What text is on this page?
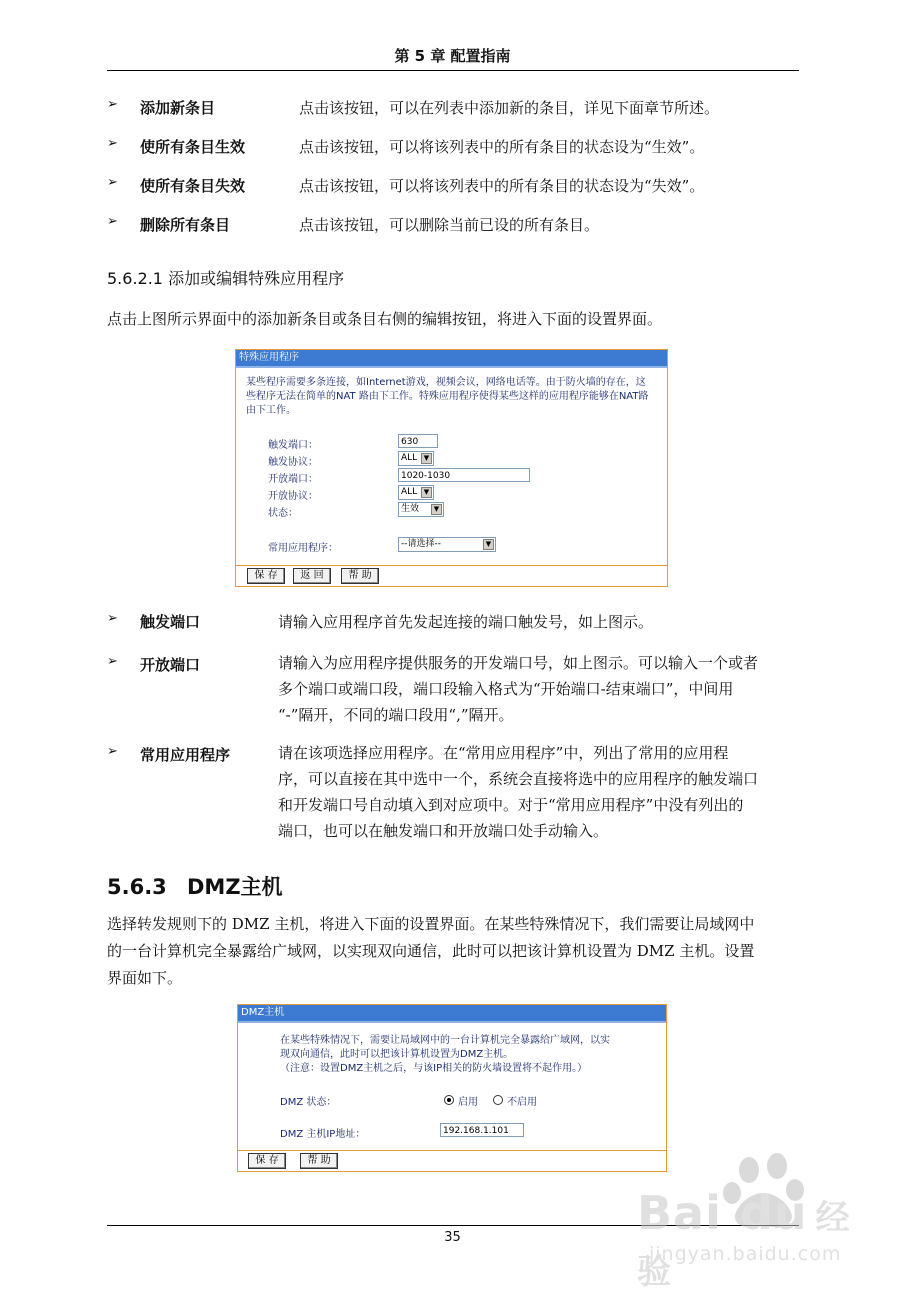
第 5 章 配置指南
➢ 添加新条目	点击该按钮，可以在列表中添加新的条目，详见下面章节所述。
➢ 使所有条目生效	点击该按钮，可以将该列表中的所有条目的状态设为“生效”。
➢ 使所有条目失效	点击该按钮，可以将该列表中的所有条目的状态设为“失效”。
➢ 删除所有条目	点击该按钮，可以删除当前已设的所有条目。
5.6.2.1 添加或编辑特殊应用程序
点击上图所示界面中的添加新条目或条目右侧的编辑按钮，将进入下面的设置界面。
特殊应用程序
某些程序需要多条连接，如Internet游戏，视频会议，网络电话等。由于防火墙的存在，这
些程序无法在简单的NAT 路由下工作。特殊应用程序使得某些这样的应用程序能够在NAT路
由下工作。
触发端口：	630
触发协议：	ALL ▼
开放端口：	1020-1030
开放协议：	ALL ▼
状态：	生效	▼
常用应用程序：	--请选择--	▼
保 存	返 回	帮 助
➢ 触发端口	请输入应用程序首先发起连接的端口触发号，如上图示。
➢ 开放端口	请输入为应用程序提供服务的开发端口号，如上图示。可以输入一个或者
多个端口或端口段，端口段输入格式为“开始端口-结束端口”，中间用
“-”隔开，不同的端口段用“,”隔开。
➢ 常用应用程序	请在该项选择应用程序。在“常用应用程序”中，列出了常用的应用程
序，可以直接在其中选中一个，系统会直接将选中的应用程序的触发端口
和开发端口号自动填入到对应项中。对于“常用应用程序”中没有列出的
端口，也可以在触发端口和开放端口处手动输入。
5.6.3 DMZ主机
选择转发规则下的 DMZ 主机，将进入下面的设置界面。在某些特殊情况下，我们需要让局域网中
的一台计算机完全暴露给广域网，以实现双向通信，此时可以把该计算机设置为 DMZ 主机。设置
界面如下。
DMZ主机
在某些特殊情况下，需要让局域网中的一台计算机完全暴露给广域网，以实
现双向通信，此时可以把该计算机设置为DMZ主机。
（注意：设置DMZ主机之后，与该IP相关的防火墙设置将不起作用。）
DMZ 状态：	启用	不启用
DMZ 主机IP地址：	192.168.1.101
保 存	帮 助
35	Bai du 经验
jingyan.baidu.com
